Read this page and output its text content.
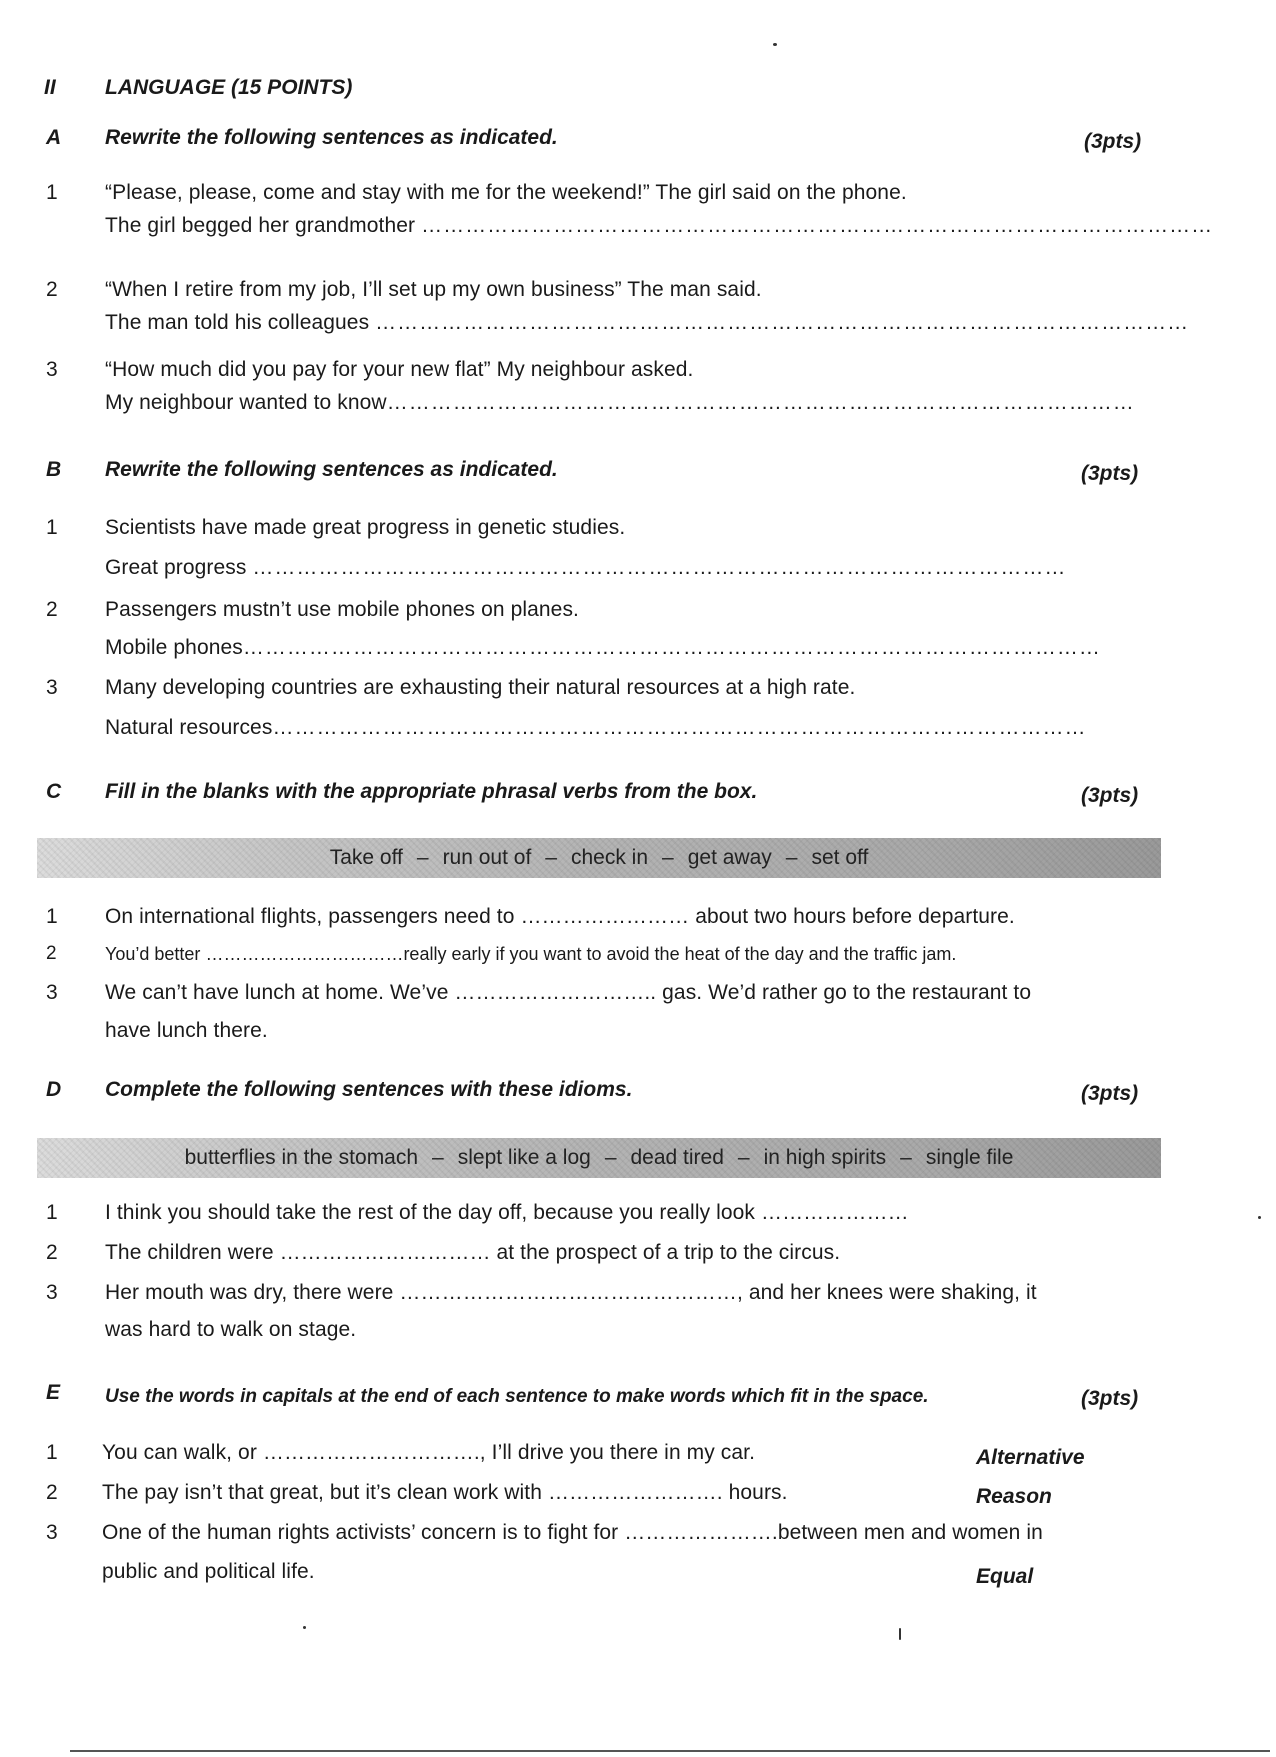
II LANGUAGE (15 POINTS)
A Rewrite the following sentences as indicated.	(3pts)
1 “Please, please, come and stay with me for the weekend!” The girl said on the phone.
The girl begged her grandmother ………………………………………………………………………………………………
2 “When I retire from my job, I’ll set up my own business” The man said.
The man told his colleagues …………………………………………………………………………………………………
3 “How much did you pay for your new flat” My neighbour asked.
My neighbour wanted to know…………………………………………………………………………………………
B Rewrite the following sentences as indicated.	(3pts)
1 Scientists have made great progress in genetic studies.
Great progress …………………………………………………………………………………………………
2 Passengers mustn’t use mobile phones on planes.
Mobile phones………………………………………………………………………………………………………
3 Many developing countries are exhausting their natural resources at a high rate.
Natural resources…………………………………………………………………………………………………
C Fill in the blanks with the appropriate phrasal verbs from the box.	(3pts)
Take off – run out of – check in – get away – set off
1 On international flights, passengers need to …………………… about two hours before departure.
2	You’d better ……………………………really early if you want to avoid the heat of the day and the traffic jam.
3 We can’t have lunch at home. We’ve ……………………….. gas. We’d rather go to the restaurant to
have lunch there.
D Complete the following sentences with these idioms.	(3pts)
butterflies in the stomach – slept like a log – dead tired – in high spirits – single file
1 I think you should take the rest of the day off, because you really look …………………
2 The children were ………………………… at the prospect of a trip to the circus.
3 Her mouth was dry, there were …………………………………………, and her knees were shaking, it
was hard to walk on stage.
E Use the words in capitals at the end of each sentence to make words which fit in the space.	(3pts)
1 You can walk, or …………………………., I’ll drive you there in my car.	Alternative
2 The pay isn’t that great, but it’s clean work with ……………………. hours.	Reason
3 One of the human rights activists’ concern is to fight for ………………….between men and women in
public and political life.	Equal
